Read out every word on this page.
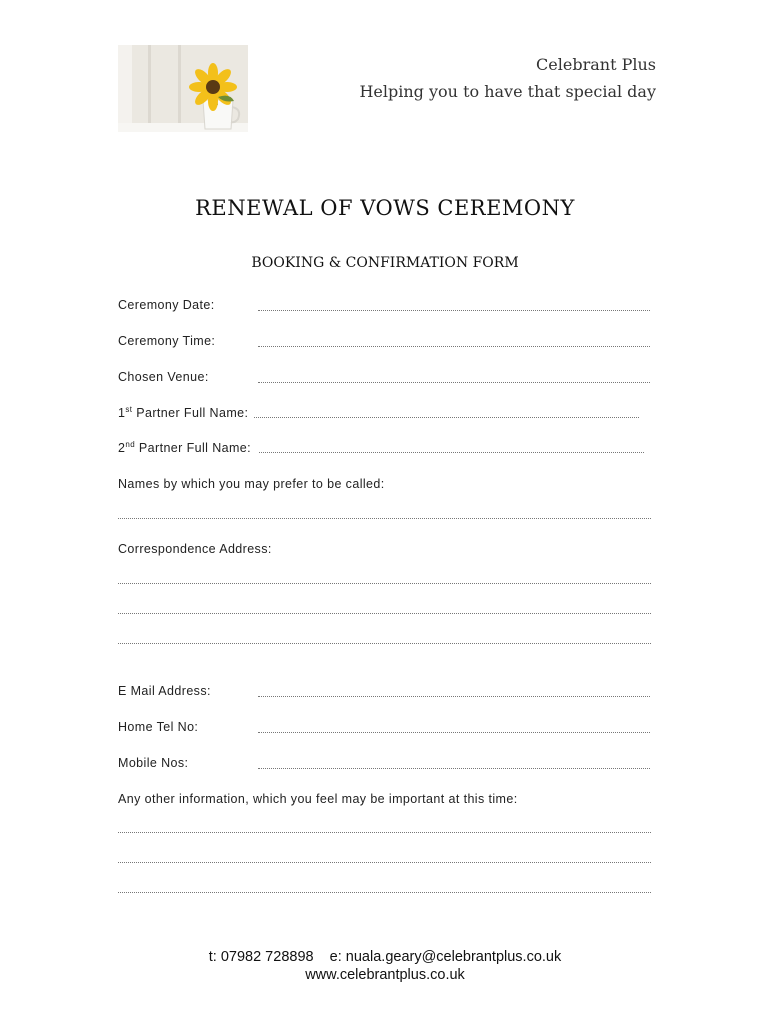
Celebrant Plus
Helping you to have that special day
RENEWAL OF VOWS CEREMONY
BOOKING & CONFIRMATION FORM
Ceremony Date:
Ceremony Time:
Chosen Venue:
1st Partner Full Name:
2nd Partner Full Name:
Names by which you may prefer to be called:
Correspondence Address:
E Mail Address:
Home Tel No:
Mobile Nos:
Any other information, which you feel may be important at this time:
t: 07982 728898    e: nuala.geary@celebrantplus.co.uk
www.celebrantplus.co.uk
